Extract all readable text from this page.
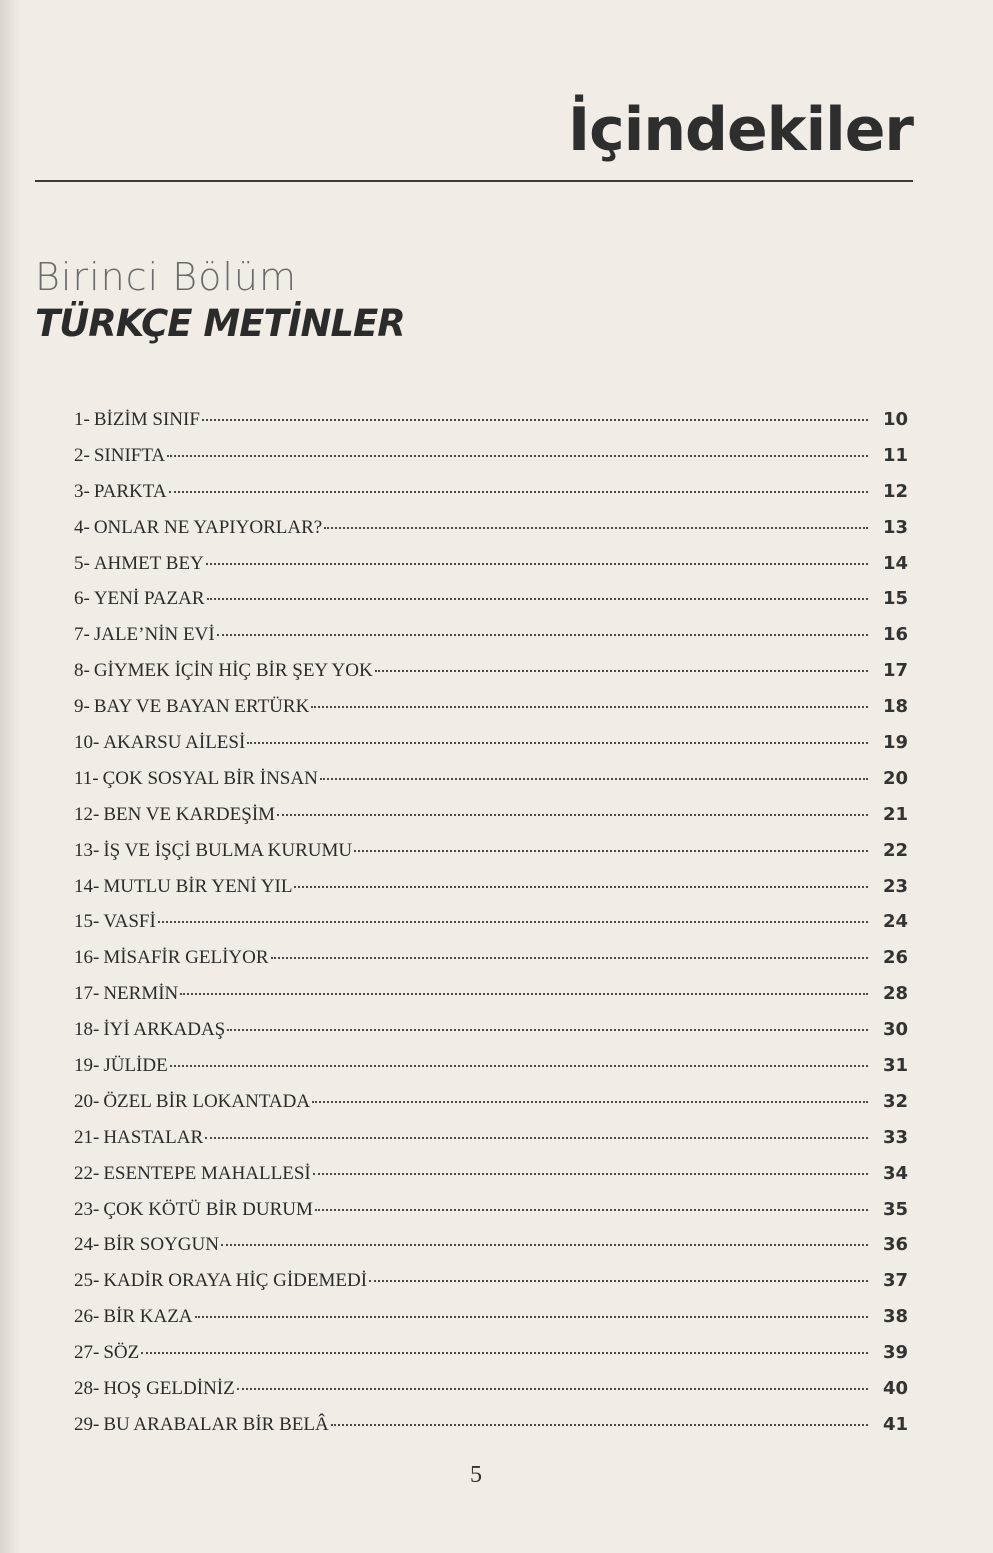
İçindekiler
Birinci Bölüm
TÜRKÇE METİNLER
1- BİZİM SINIF	10
2- SINIFTA	11
3- PARKTA	12
4- ONLAR NE YAPIYORLAR?	13
5- AHMET BEY	14
6- YENİ PAZAR	15
7- JALE’NİN EVİ	16
8- GİYMEK İÇİN HİÇ BİR ŞEY YOK	17
9- BAY VE BAYAN ERTÜRK	18
10- AKARSU AİLESİ	19
11- ÇOK SOSYAL BİR İNSAN	20
12- BEN VE KARDEŞİM	21
13- İŞ VE İŞÇİ BULMA KURUMU	22
14- MUTLU BİR YENİ YIL	23
15- VASFİ	24
16- MİSAFİR GELİYOR	26
17- NERMİN	28
18- İYİ ARKADAŞ	30
19- JÜLİDE	31
20- ÖZEL BİR LOKANTADA	32
21- HASTALAR	33
22- ESENTEPE MAHALLESİ	34
23- ÇOK KÖTÜ BİR DURUM	35
24- BİR SOYGUN	36
25- KADİR ORAYA HİÇ GİDEMEDİ	37
26- BİR KAZA	38
27- SÖZ	39
28- HOŞ GELDİNİZ	40
29- BU ARABALAR BİR BELÂ	41
5
